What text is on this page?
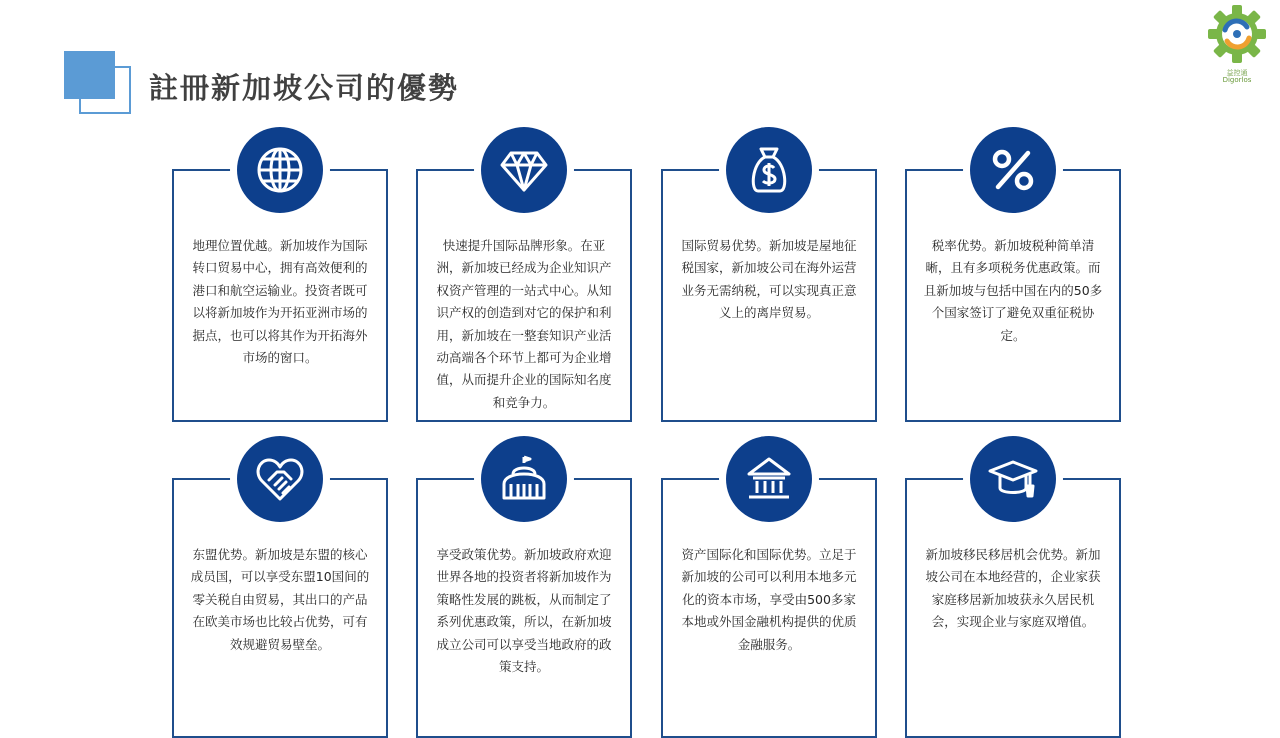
註冊新加坡公司的優勢	益控通
Digorlos
地理位置优越。新加坡作为国际转口贸易中心，拥有高效便利的港口和航空运输业。投资者既可以将新加坡作为开拓亚洲市场的据点，也可以将其作为开拓海外市场的窗口。
快速提升国际品牌形象。在亚洲，新加坡已经成为企业知识产权资产管理的一站式中心。从知识产权的创造到对它的保护和利用，新加坡在一整套知识产业活动高端各个环节上都可为企业增值，从而提升企业的国际知名度和竞争力。
国际贸易优势。新加坡是屋地征税国家，新加坡公司在海外运营业务无需纳税，可以实现真正意义上的离岸贸易。
税率优势。新加坡税种简单清晰，且有多项税务优惠政策。而且新加坡与包括中国在内的50多个国家签订了避免双重征税协定。
东盟优势。新加坡是东盟的核心成员国，可以享受东盟10国间的零关税自由贸易，其出口的产品在欧美市场也比较占优势，可有效规避贸易壁垒。
享受政策优势。新加坡政府欢迎世界各地的投资者将新加坡作为策略性发展的跳板，从而制定了系列优惠政策，所以，在新加坡成立公司可以享受当地政府的政策支持。
资产国际化和国际优势。立足于新加坡的公司可以利用本地多元化的资本市场，享受由500多家本地或外国金融机构提供的优质金融服务。
新加坡移民移居机会优势。新加坡公司在本地经营的，企业家获家庭移居新加坡获永久居民机会，实现企业与家庭双增值。
